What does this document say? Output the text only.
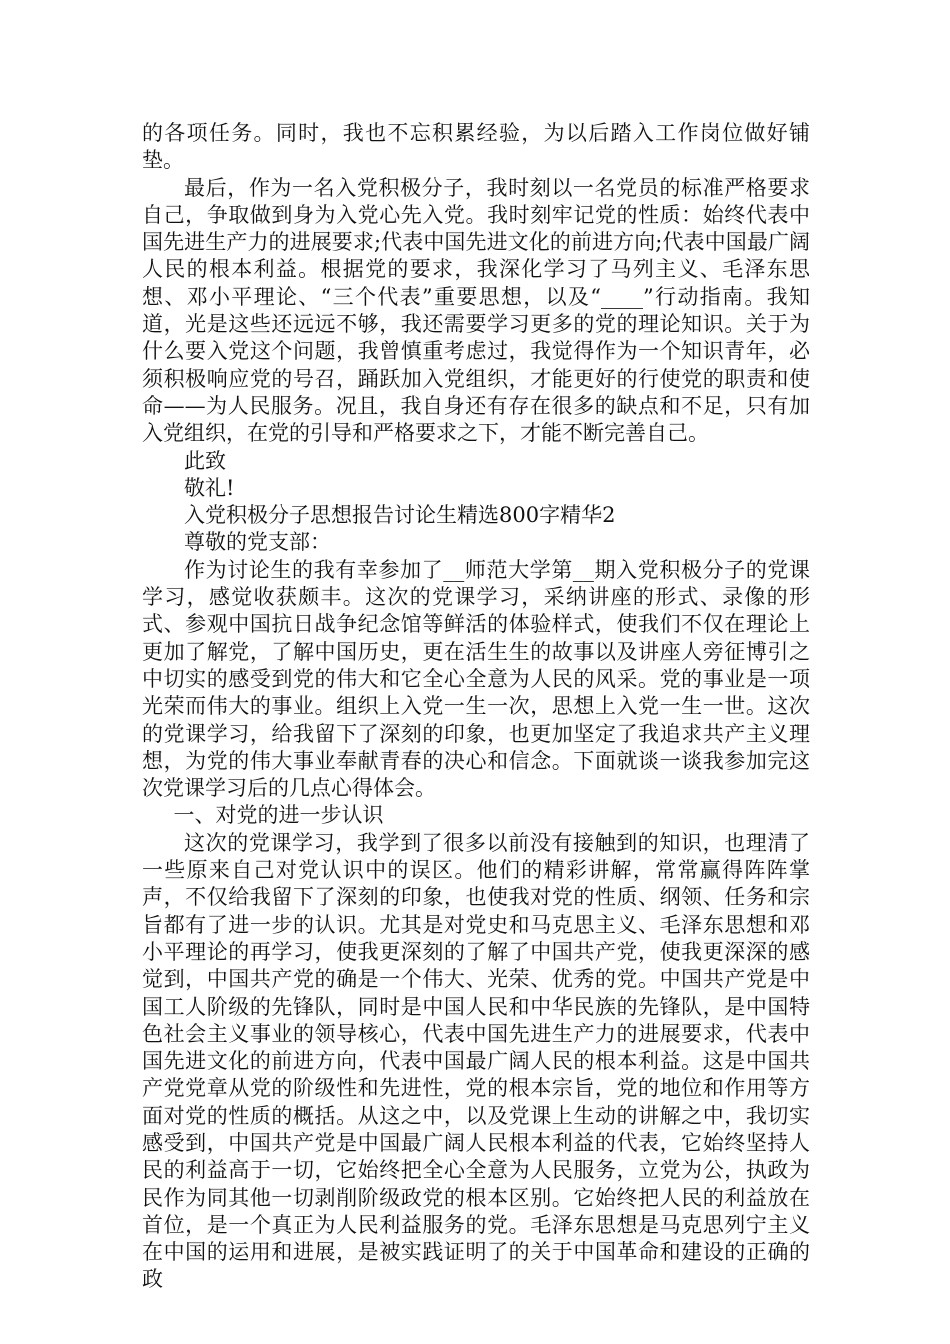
的各项任务。同时，我也不忘积累经验，为以后踏入工作岗位做好铺垫。

最后，作为一名入党积极分子，我时刻以一名党员的标准严格要求自己，争取做到身为入党心先入党。我时刻牢记党的性质：始终代表中国先进生产力的进展要求;代表中国先进文化的前进方向;代表中国最广阔人民的根本利益。根据党的要求，我深化学习了马列主义、毛泽东思想、邓小平理论、“三个代表”重要思想，以及“____”行动指南。我知道，光是这些还远远不够，我还需要学习更多的党的理论知识。关于为什么要入党这个问题，我曾慎重考虑过，我觉得作为一个知识青年，必须积极响应党的号召，踊跃加入党组织，才能更好的行使党的职责和使命——为人民服务。况且，我自身还有存在很多的缺点和不足，只有加入党组织，在党的引导和严格要求之下，才能不断完善自己。

此致

敬礼!

入党积极分子思想报告讨论生精选800字精华2

尊敬的党支部：

作为讨论生的我有幸参加了__师范大学第__期入党积极分子的党课学习，感觉收获颇丰。这次的党课学习，采纳讲座的形式、录像的形式、参观中国抗日战争纪念馆等鲜活的体验样式，使我们不仅在理论上更加了解党，了解中国历史，更在活生生的故事以及讲座人旁征博引之中切实的感受到党的伟大和它全心全意为人民的风采。党的事业是一项光荣而伟大的事业。组织上入党一生一次，思想上入党一生一世。这次的党课学习，给我留下了深刻的印象，也更加坚定了我追求共产主义理想，为党的伟大事业奉献青春的决心和信念。下面就谈一谈我参加完这次党课学习后的几点心得体会。

一、对党的进一步认识

这次的党课学习，我学到了很多以前没有接触到的知识，也理清了一些原来自己对党认识中的误区。他们的精彩讲解，常常赢得阵阵掌声，不仅给我留下了深刻的印象，也使我对党的性质、纲领、任务和宗旨都有了进一步的认识。尤其是对党史和马克思主义、毛泽东思想和邓小平理论的再学习，使我更深刻的了解了中国共产党，使我更深深的感觉到，中国共产党的确是一个伟大、光荣、优秀的党。中国共产党是中国工人阶级的先锋队，同时是中国人民和中华民族的先锋队，是中国特色社会主义事业的领导核心，代表中国先进生产力的进展要求，代表中国先进文化的前进方向，代表中国最广阔人民的根本利益。这是中国共产党党章从党的阶级性和先进性，党的根本宗旨，党的地位和作用等方面对党的性质的概括。从这之中，以及党课上生动的讲解之中，我切实感受到，中国共产党是中国最广阔人民根本利益的代表，它始终坚持人民的利益高于一切，它始终把全心全意为人民服务，立党为公，执政为民作为同其他一切剥削阶级政党的根本区别。它始终把人民的利益放在首位，是一个真正为人民利益服务的党。毛泽东思想是马克思列宁主义在中国的运用和进展，是被实践证明了的关于中国革命和建设的正确的政
